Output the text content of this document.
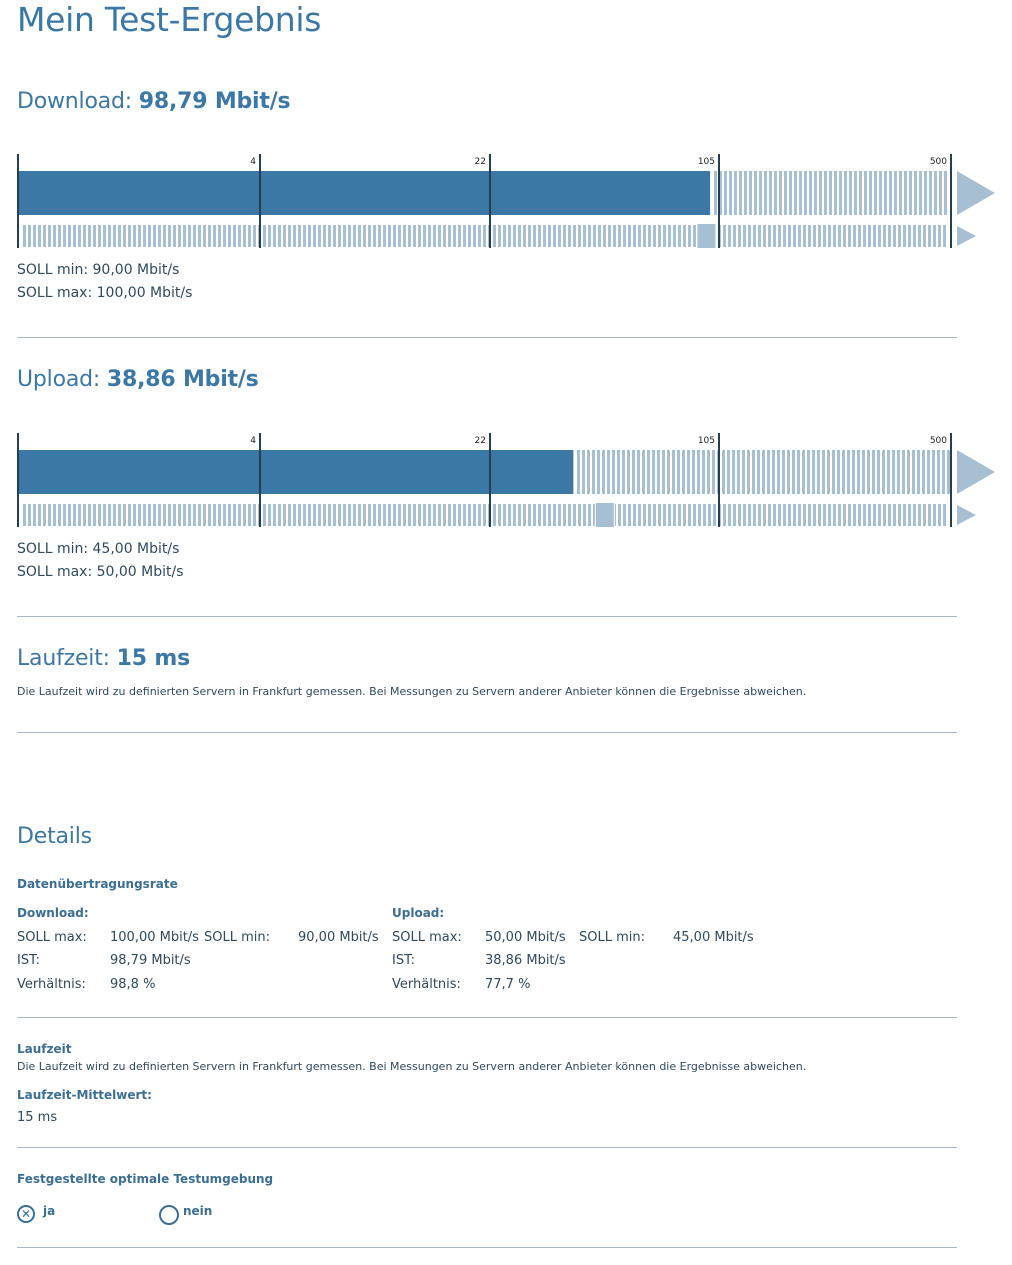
Mein Test-Ergebnis
Download: 98,79 Mbit/s
4	22	105	500
SOLL min: 90,00 Mbit/s
SOLL max: 100,00 Mbit/s
Upload: 38,86 Mbit/s
4	22	105	500
SOLL min: 45,00 Mbit/s
SOLL max: 50,00 Mbit/s
Laufzeit: 15 ms
Die Laufzeit wird zu definierten Servern in Frankfurt gemessen. Bei Messungen zu Servern anderer Anbieter können die Ergebnisse abweichen.
Details
Datenübertragungsrate
Download:
SOLL max: 100,00 Mbit/s SOLL min: 90,00 Mbit/s
IST:	98,79 Mbit/s
Verhältnis: 98,8 %
Upload:
SOLL max: 50,00 Mbit/s SOLL min: 45,00 Mbit/s
IST:	38,86 Mbit/s
Verhältnis: 77,7 %
Laufzeit
Die Laufzeit wird zu definierten Servern in Frankfurt gemessen. Bei Messungen zu Servern anderer Anbieter können die Ergebnisse abweichen.
Laufzeit-Mittelwert:
15 ms
Festgestellte optimale Testumgebung
✕ ja	nein
